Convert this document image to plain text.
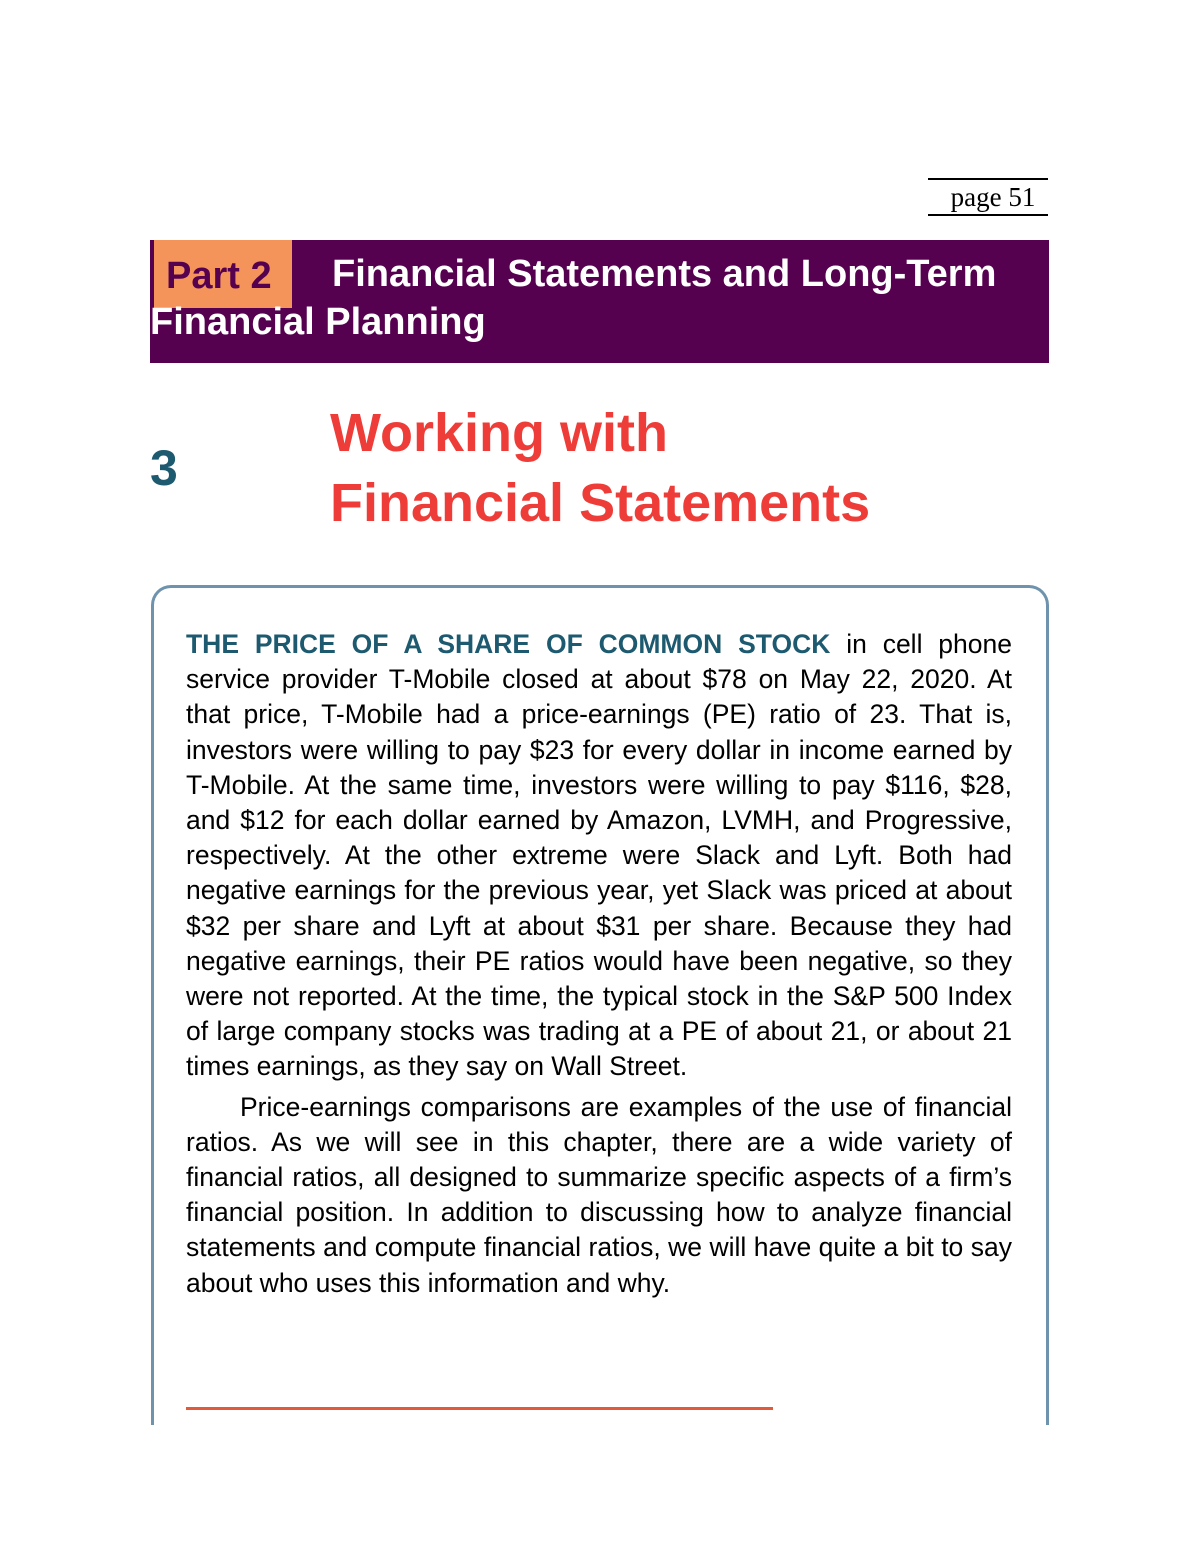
page 51
Part 2	Financial Statements and Long-Term Financial Planning
3
Working with
Financial Statements

THE PRICE OF A SHARE OF COMMON STOCK in cell phone service provider T-Mobile closed at about $78 on May 22, 2020. At that price, T-Mobile had a price-earnings (PE) ratio of 23. That is, investors were willing to pay $23 for every dollar in income earned by T-Mobile. At the same time, investors were willing to pay $116, $28, and $12 for each dollar earned by Amazon, LVMH, and Progressive, respectively. At the other extreme were Slack and Lyft. Both had negative earnings for the previous year, yet Slack was priced at about $32 per share and Lyft at about $31 per share. Because they had negative earnings, their PE ratios would have been negative, so they were not reported. At the time, the typical stock in the S&P 500 Index of large company stocks was trading at a PE of about 21, or about 21 times earnings, as they say on Wall Street.

Price-earnings comparisons are examples of the use of financial ratios. As we will see in this chapter, there are a wide variety of financial ratios, all designed to summarize specific aspects of a firm’s financial position. In addition to discussing how to analyze financial statements and compute financial ratios, we will have quite a bit to say about who uses this information and why.
